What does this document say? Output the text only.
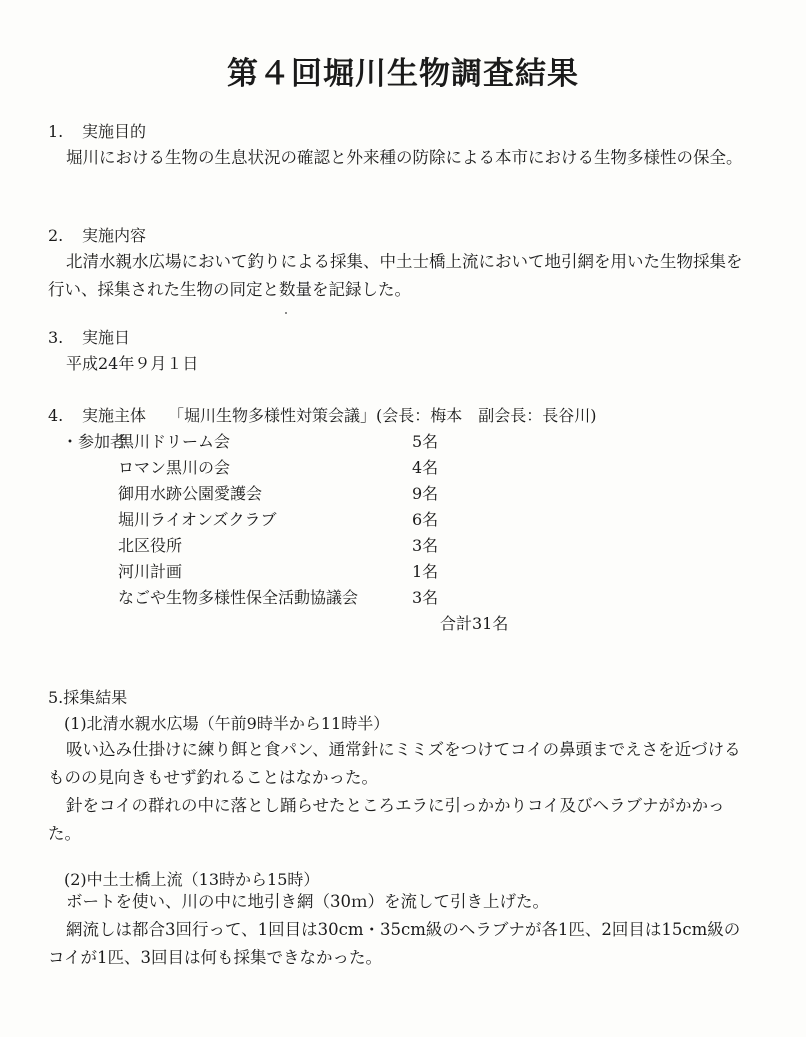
第４回堀川生物調査結果
1. 実施目的
堀川における生物の生息状況の確認と外来種の防除による本市における生物多様性の保全。
2. 実施内容
北清水親水広場において釣りによる採集、中土士橋上流において地引網を用いた生物採集を行い、採集された生物の同定と数量を記録した。
3. 実施日
平成24年９月１日
4. 実施主体 「堀川生物多様性対策会議」(会長：梅本　副会長：長谷川)
・参加者
黒川ドリーム会	5名
ロマン黒川の会	4名
御用水跡公園愛護会	9名
堀川ライオンズクラブ	6名
北区役所	3名
河川計画	1名
なごや生物多様性保全活動協議会	3名
合計31名
5.採集結果
(1)北清水親水広場（午前9時半から11時半）
吸い込み仕掛けに練り餌と食パン、通常針にミミズをつけてコイの鼻頭までえさを近づけるものの見向きもせず釣れることはなかった。
針をコイの群れの中に落とし踊らせたところエラに引っかかりコイ及びヘラブナがかかった。
(2)中土士橋上流（13時から15時）
ボートを使い、川の中に地引き網（30ｍ）を流して引き上げた。
網流しは都合3回行って、1回目は30cm・35cm級のヘラブナが各1匹、2回目は15cm級のコイが1匹、3回目は何も採集できなかった。
